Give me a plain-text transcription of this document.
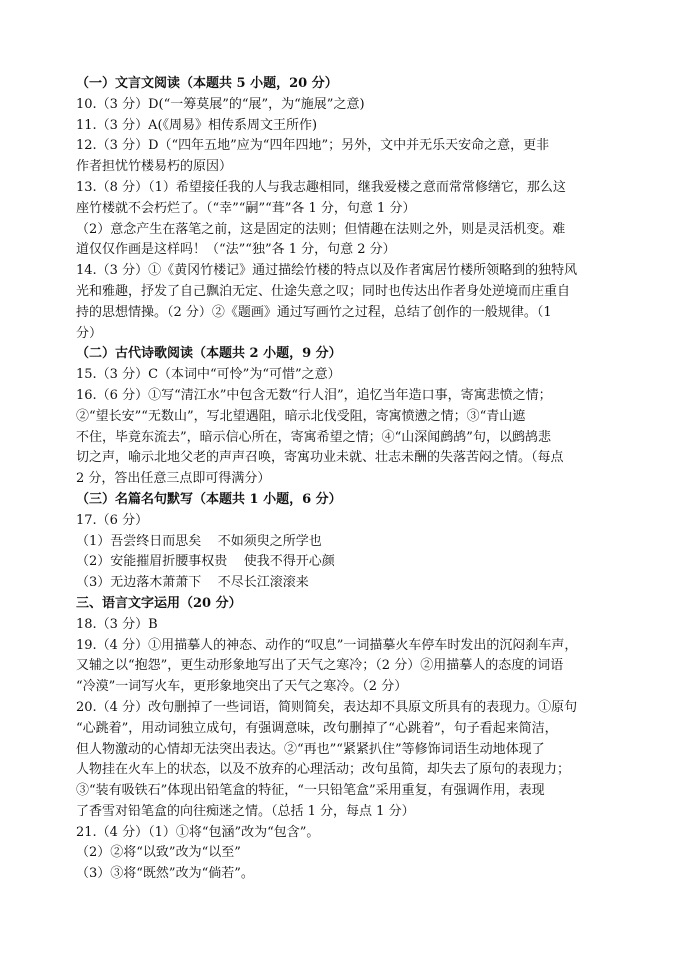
（一）文言文阅读（本题共 5 小题，20 分）

10.（3 分）D(“一筹莫展”的“展”，为“施展”之意)

11.（3 分）A(《周易》相传系周文王所作)

12.（3 分）D（“四年五地”应为“四年四地”；另外，文中并无乐天安命之意，更非

作者担忧竹楼易朽的原因）

13.（8 分）（1）希望接任我的人与我志趣相同，继我爱楼之意而常常修缮它，那么这

座竹楼就不会朽烂了。（“幸”“嗣”“葺”各 1 分，句意 1 分）

（2）意念产生在落笔之前，这是固定的法则；但情趣在法则之外，则是灵活机变。难

道仅仅作画是这样吗！（“法”“独”各 1 分，句意 2 分）

14.（3 分）①《黄冈竹楼记》通过描绘竹楼的特点以及作者寓居竹楼所领略到的独特风

光和雅趣，抒发了自己飘泊无定、仕途失意之叹；同时也传达出作者身处逆境而庄重自

持的思想情操。（2 分）②《题画》通过写画竹之过程，总结了创作的一般规律。（1

分）

（二）古代诗歌阅读（本题共 2 小题，9 分）

15.（3 分）C（本词中“可怜”为“可惜”之意）

16.（6 分）①写“清江水”中包含无数“行人泪”，追忆当年造口事，寄寓悲愤之情；

②“望长安”“无数山”，写北望遇阻，暗示北伐受阻，寄寓愤懑之情；③“青山遮

不住，毕竟东流去”，暗示信心所在，寄寓希望之情；④“山深闻鹧鸪”句，以鹧鸪悲

切之声，喻示北地父老的声声召唤，寄寓功业未就、壮志未酬的失落苦闷之情。（每点

2 分，答出任意三点即可得满分）

（三）名篇名句默写（本题共 1 小题，6 分）

17.（6 分）

（1）吾尝终日而思矣    不如须臾之所学也

（2）安能摧眉折腰事权贵    使我不得开心颜

（3）无边落木萧萧下    不尽长江滚滚来

三、语言文字运用（20 分）

18.（3 分）B

19.（4 分）①用描摹人的神态、动作的“叹息”一词描摹火车停车时发出的沉闷刹车声，

又辅之以“抱怨”，更生动形象地写出了天气之寒冷；（2 分）②用描摹人的态度的词语

“冷漠”一词写火车，更形象地突出了天气之寒冷。（2 分）

20.（4 分）改句删掉了一些词语，简则简矣，表达却不具原文所具有的表现力。①原句

“心跳着”，用动词独立成句，有强调意味，改句删掉了“心跳着”，句子看起来简洁，

但人物激动的心情却无法突出表达。②“再也”“紧紧扒住”等修饰词语生动地体现了

人物挂在火车上的状态，以及不放弃的心理活动；改句虽简，却失去了原句的表现力；

③“装有吸铁石”体现出铅笔盒的特征，“一只铅笔盒”采用重复，有强调作用，表现

了香雪对铅笔盒的向往痴迷之情。（总括 1 分，每点 1 分）

21.（4 分）（1）①将“包涵”改为“包含”。

（2）②将“以致”改为“以至”

（3）③将“既然”改为“倘若”。
